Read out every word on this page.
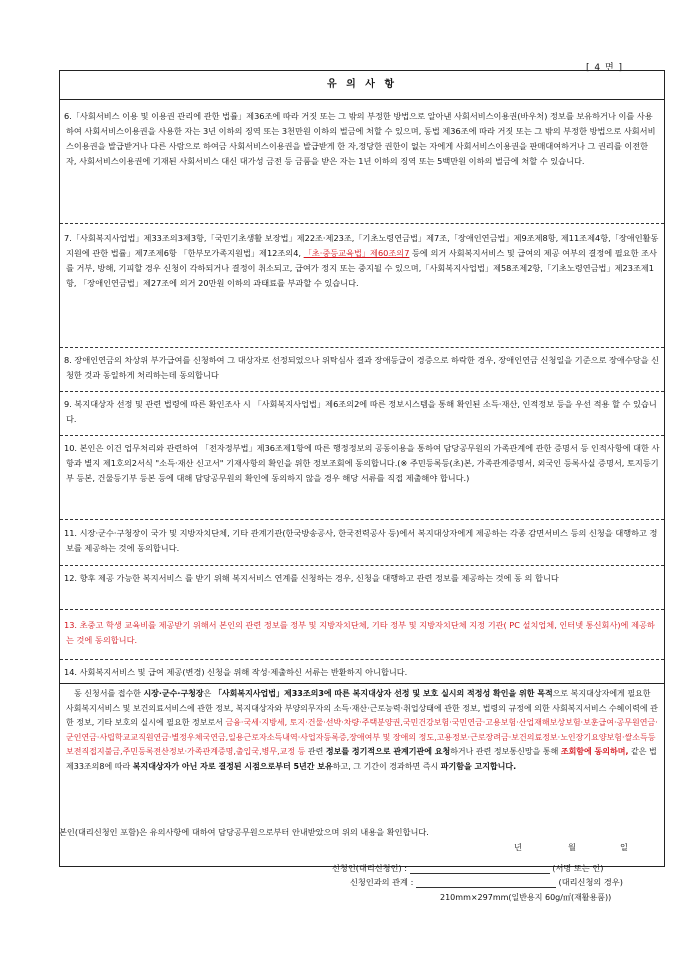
[ 4 면 ]
유 의 사 항
6.「사회서비스 이용 및 이용권 관리에 관한 법률」제36조에 따라 거짓 또는 그 밖의 부정한 방법으로 알아낸 사회서비스이용권(바우처) 정보를 보유하거나 이를 사용하여 사회서비스이용권을 사용한 자는 3년 이하의 징역 또는 3천만원 이하의 벌금에 처할 수 있으며, 동법 제36조에 따라 거짓 또는 그 밖의 부정한 방법으로 사회서비스이용권을 발급받거나 다른 사람으로 하여금 사회서비스이용권을 발급받게 한 자,정당한 권한이 없는 자에게 사회서비스이용권을 판매대여하거나 그 권리를 이전한 자, 사회서비스이용권에 기재된 사회서비스 대신 대가성 금전 등 금품을 받은 자는 1년 이하의 징역 또는 5백만원 이하의 벌금에 처할 수 있습니다.
7.「사회복지사업법」제33조의3제3항,「국민기초생활 보장법」제22조·제23조,「기초노령연금법」제7조,「장애인연금법」제9조제8항, 제11조제4항,「장애인활동 지원에 관한 법률」제7조제6항 「한부모가족지원법」제12조의4, 「초·중등교육법」제60조의7 등에 의거 사회복지서비스 및 급여의 제공 여부의 결정에 필요한 조사를 거부, 방해, 기피할 경우 신청이 각하되거나 결정이 취소되고, 급여가 정지 또는 중지될 수 있으며,「사회복지사업법」제58조제2항,「기초노령연금법」제23조제1항, 「장애인연금법」제27조에 의거 20만원 이하의 과태료를 부과할 수 있습니다.
8. 장애인연금의 차상위 부가급여를 신청하여 그 대상자로 선정되었으나 위탁심사 결과 장애등급이 경증으로 하락한 경우, 장애인연금 신청일을 기준으로 장애수당을 신청한 것과 동일하게 처리하는데 동의합니다
9. 복지대상자 선정 및 관련 법령에 따른 확인조사 시 「사회복지사업법」제6조의2에 따른 정보시스템을 통해 확인된 소득·재산, 인적정보 등을 우선 적용 할 수 있습니다.
10. 본인은 이건 업무처리와 관련하여 「전자정부법」제36조제1항에 따른 행정정보의 공동이용을 통하여 담당공무원의 가족관계에 관한 증명서 등 인적사항에 대한 사항과 별지 제1호의2서식 "소득·재산 신고서" 기재사항의 확인을 위한 정보조회에 동의합니다.(※ 주민등록등(초)본, 가족관계증명서, 외국인 등록사실 증명서, 토지등기부 등본, 건물등기부 등본 등에 대해 담당공무원의 확인에 동의하지 않을 경우 해당 서류를 직접 제출해야 합니다.)
11. 시장·군수·구청장이 국가 및 지방자치단체, 기타 관계기관(한국방송공사, 한국전력공사 등)에서 복지대상자에게 제공하는 각종 감면서비스 등의 신청을 대행하고 정보를 제공하는 것에 동의합니다.
12. 향후 제공 가능한 복지서비스 를 받기 위해 복지서비스 연계를 신청하는 경우, 신청을 대행하고 관련 정보를 제공하는 것에 동 의 합니다
13. 초중고 학생 교육비를 제공받기 위해서 본인의 관련 정보를 정부 및 지방자치단체, 기타 정부 및 지방자치단체 지정 기관( PC 설치업체, 인터넷 통신회사)에 제공하는 것에 동의합니다.
14. 사회복지서비스 및 급여 제공(변경) 신청을 위해 작성·제출하신 서류는 반환하지 아니합니다.
동 신청서를 접수한 시장·군수·구청장은 「사회복지사업법」제33조의3에 따른 복지대상자 선정 및 보호 실시의 적정성 확인을 위한 목적으로 복지대상자에게 필요한 사회복지서비스 및 보건의료서비스에 관한 정보, 복지대상자와 부양의무자의 소득·재산·근로능력·취업상태에 관한 정보, 법령의 규정에 의한 사회복지서비스 수혜이력에 관한 정보, 기타 보호의 실시에 필요한 정보로서 금융·국세·지방세, 토지·건물·선박·차량·주택분양권,국민건강보험·국민연금·고용보험·산업재해보상보험·보훈급여·공무원연금·군인연금·사립학교교직원연금·별정우체국연금,일용근로자소득내역·사업자등록증,장애여부 및 장애의 정도,고용정보·근로장려금·보건의료정보·노인장기요양보험·쌀소득등보전직접지불금,주민등록전산정보·가족관계증명,출입국,병무,교정 등 관련 정보를 정기적으로 관계기관에 요청하거나 관련 정보통신망을 통해 조회함에 동의하며, 같은 법 제33조의8에 따라 복지대상자가 아닌 자로 결정된 시점으로부터 5년간 보유하고, 그 기간이 경과하면 즉시 파기함을 고지합니다.
본인(대리신청인 포함)은 유의사항에 대하여 담당공무원으로부터 안내받았으며 위의 내용을 확인합니다.
년	월	일
신청인(대리신청인) :	(서명 또는 인)
신청인과의 관계 :	(대리신청의 경우)
210mm×297mm(일반용지 60g/㎡(재활용품))
